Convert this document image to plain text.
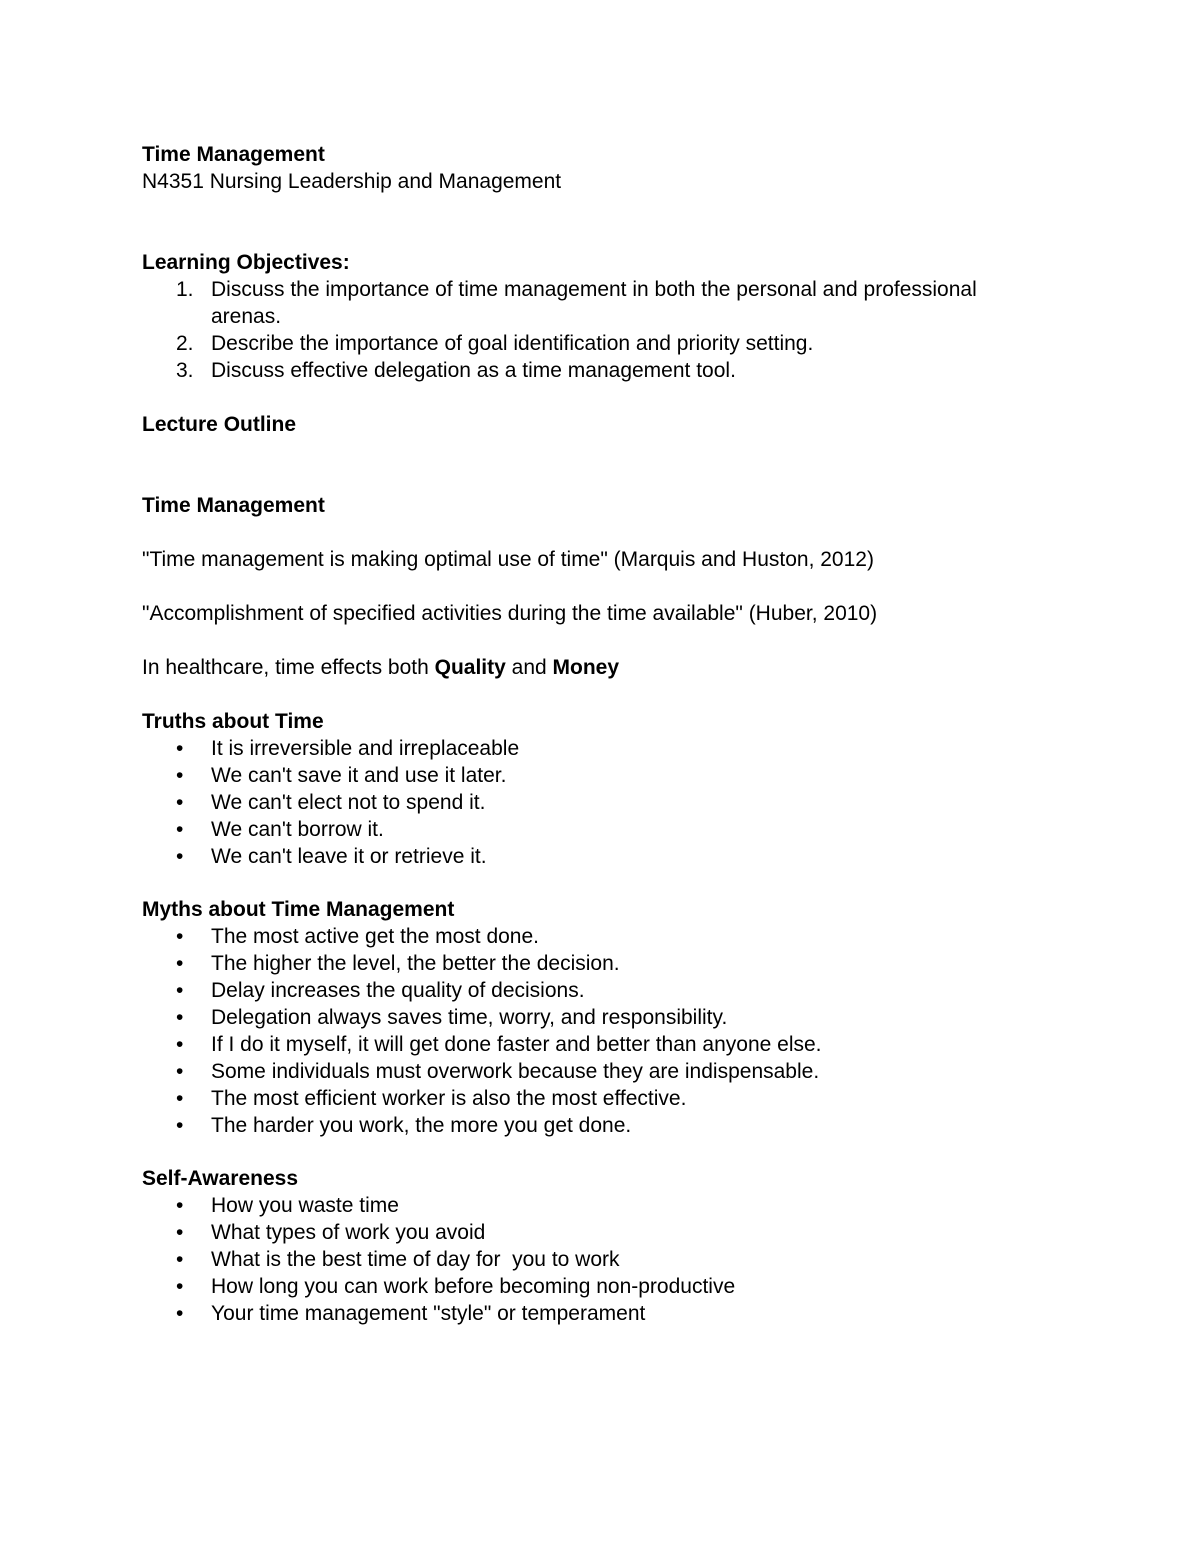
Time Management

N4351 Nursing Leadership and Management

Learning Objectives:

1. Discuss the importance of time management in both the personal and professional arenas.
2. Describe the importance of goal identification and priority setting.
3. Discuss effective delegation as a time management tool.

Lecture Outline

Time Management

"Time management is making optimal use of time" (Marquis and Huston, 2012)

"Accomplishment of specified activities during the time available" (Huber, 2010)

In healthcare, time effects both Quality and Money

Truths about Time

• It is irreversible and irreplaceable
• We can't save it and use it later.
• We can't elect not to spend it.
• We can't borrow it.
• We can't leave it or retrieve it.

Myths about Time Management

• The most active get the most done.
• The higher the level, the better the decision.
• Delay increases the quality of decisions.
• Delegation always saves time, worry, and responsibility.
• If I do it myself, it will get done faster and better than anyone else.
• Some individuals must overwork because they are indispensable.
• The most efficient worker is also the most effective.
• The harder you work, the more you get done.

Self-Awareness

• How you waste time
• What types of work you avoid
• What is the best time of day for  you to work
• How long you can work before becoming non-productive
• Your time management "style" or temperament
